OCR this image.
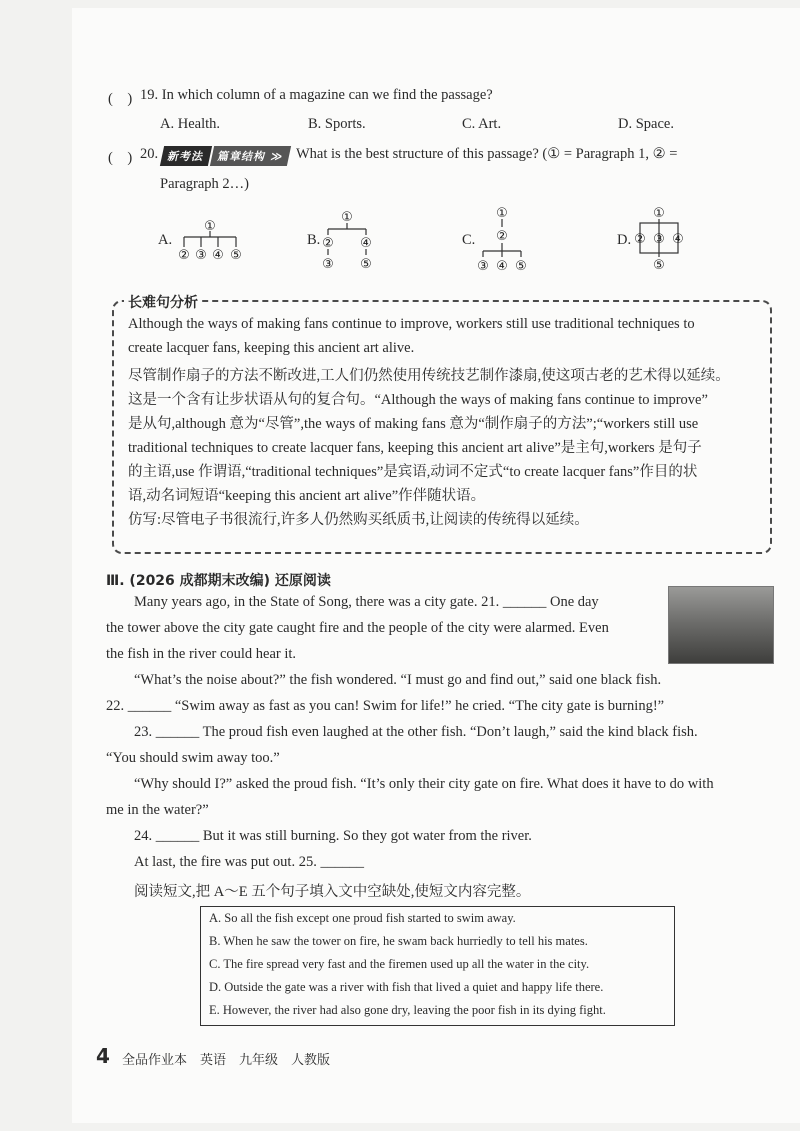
(　) 19. In which column of a magazine can we find the passage?
A. Health.	B. Sports.	C. Art.	D. Space.
(　) 20. 新考法	篇章结构 ≫ What is the best structure of this passage? (① = Paragraph 1, ② =
Paragraph 2…)
A.	B.	C.	D.
①
② ③ ④ ⑤
①
② ④
③ ⑤
①
②
③ ④ ⑤
①
② ③ ④
⑤
长难句分析
Although the ways of making fans continue to improve, workers still use traditional techniques to
create lacquer fans, keeping this ancient art alive.
尽管制作扇子的方法不断改进,工人们仍然使用传统技艺制作漆扇,使这项古老的艺术得以延续。
这是一个含有让步状语从句的复合句。“Although the ways of making fans continue to improve”
是从句,although 意为“尽管”,the ways of making fans 意为“制作扇子的方法”;“workers still use
traditional techniques to create lacquer fans, keeping this ancient art alive”是主句,workers 是句子
的主语,use 作谓语,“traditional techniques”是宾语,动词不定式“to create lacquer fans”作目的状
语,动名词短语“keeping this ancient art alive”作伴随状语。
仿写:尽管电子书很流行,许多人仍然购买纸质书,让阅读的传统得以延续。
Ⅲ. (2026 成都期末改编) 还原阅读
Many years ago, in the State of Song, there was a city gate. 21. ______ One day
the tower above the city gate caught fire and the people of the city were alarmed. Even
the fish in the river could hear it.
“What’s the noise about?” the fish wondered. “I must go and find out,” said one black fish.
22. ______ “Swim away as fast as you can! Swim for life!” he cried. “The city gate is burning!”
23. ______ The proud fish even laughed at the other fish. “Don’t laugh,” said the kind black fish.
“You should swim away too.”
“Why should I?” asked the proud fish. “It’s only their city gate on fire. What does it have to do with
me in the water?”
24. ______ But it was still burning. So they got water from the river.
At last, the fire was put out. 25. ______
阅读短文,把 A～E 五个句子填入文中空缺处,使短文内容完整。
A. So all the fish except one proud fish started to swim away.
B. When he saw the tower on fire, he swam back hurriedly to tell his mates.
C. The fire spread very fast and the firemen used up all the water in the city.
D. Outside the gate was a river with fish that lived a quiet and happy life there.
E. However, the river had also gone dry, leaving the poor fish in its dying fight.
4 全品作业本　英语　九年级　人教版
